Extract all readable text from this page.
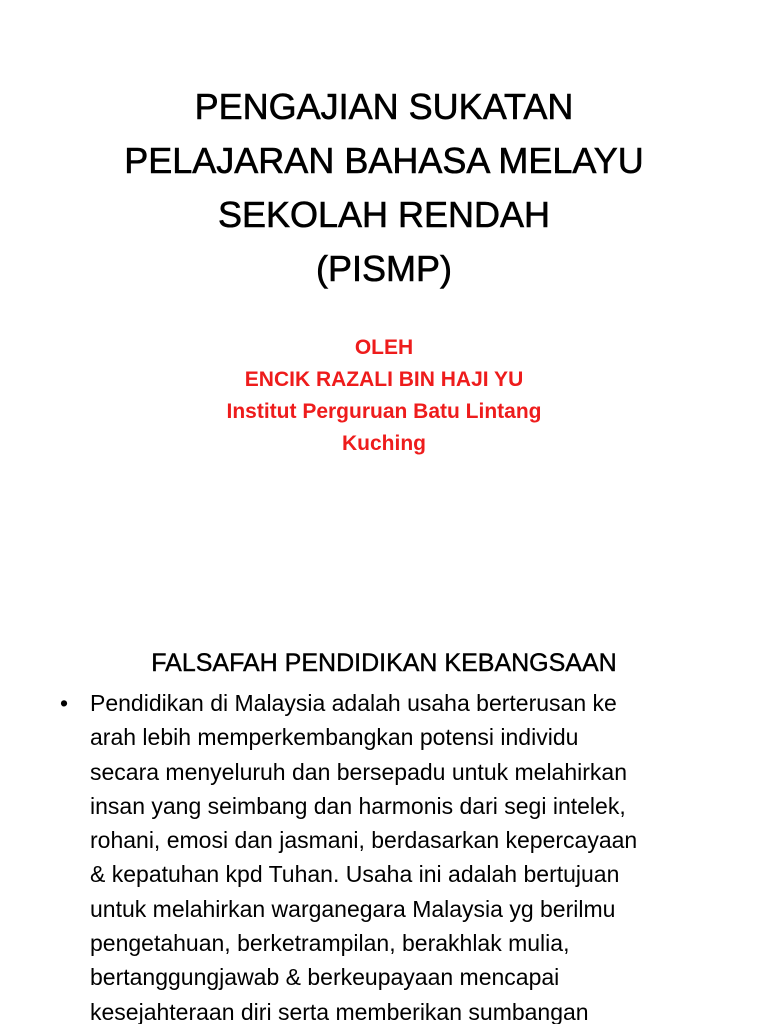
PENGAJIAN SUKATAN
PELAJARAN BAHASA MELAYU
SEKOLAH RENDAH
(PISMP)
OLEH
ENCIK RAZALI BIN HAJI YU
Institut Perguruan Batu Lintang
Kuching
FALSAFAH PENDIDIKAN KEBANGSAAN
• Pendidikan di Malaysia adalah usaha berterusan ke
arah lebih memperkembangkan potensi individu
secara menyeluruh dan bersepadu untuk melahirkan
insan yang seimbang dan harmonis dari segi intelek,
rohani, emosi dan jasmani, berdasarkan kepercayaan
& kepatuhan kpd Tuhan. Usaha ini adalah bertujuan
untuk melahirkan warganegara Malaysia yg berilmu
pengetahuan, berketrampilan, berakhlak mulia,
bertanggungjawab & berkeupayaan mencapai
kesejahteraan diri serta memberikan sumbangan
